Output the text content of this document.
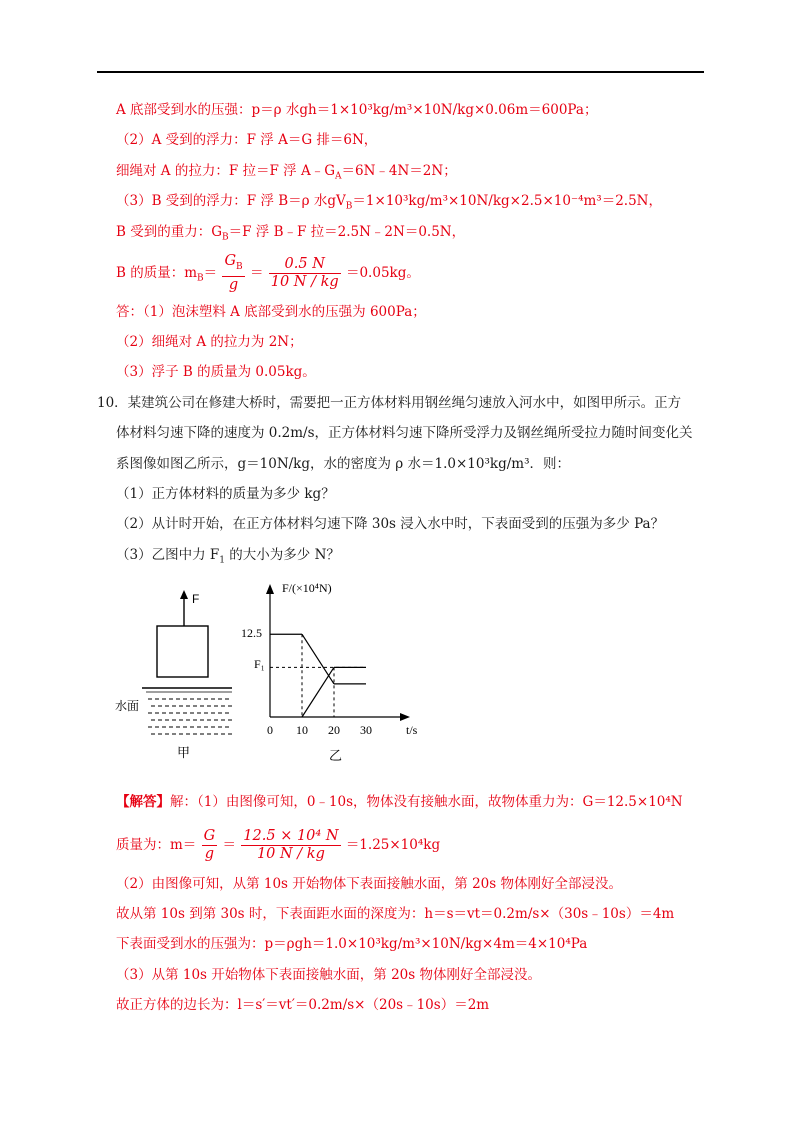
A 底部受到水的压强：p＝ρ 水gh＝1×10³kg/m³×10N/kg×0.06m＝600Pa；
（2）A 受到的浮力：F 浮 A＝G 排＝6N，
细绳对 A 的拉力：F 拉＝F 浮 $A﹣G_A=6N﹣4N=2N$；
（3）B 受到的浮力：F 浮 B＝ρ 水$gV_B=1\times 10^3kg/m^3\times 10N/kg\times 2.5\times 10^{-4}m^3=2.5N$，
B 受到的重力：$G_B=F$ 浮 B﹣F 拉＝2.5N﹣2N＝0.5N，
B 的质量：$m_B= \frac{G_B}{g} = \frac{0.5 N}{10 N / kg} =0.05kg$。
答：（1）泡沫塑料 A 底部受到水的压强为 600Pa；
（2）细绳对 A 的拉力为 2N；
（3）浮子 B 的质量为 0.05kg。
10．某建筑公司在修建大桥时，需要把一正方体材料用钢丝绳匀速放入河水中，如图甲所示。正方
体材料匀速下降的速度为 0.2m/s，正方体材料匀速下降所受浮力及钢丝绳所受拉力随时间变化关
系图像如图乙所示，g＝10N/kg，水的密度为 ρ 水＝1.0×10³kg/m³．则：
（1）正方体材料的质量为多少 kg？
（2）从计时开始，在正方体材料匀速下降 30s 浸入水中时，下表面受到的压强为多少 Pa？
（3）乙图中力 $F_1$ 的大小为多少 N？
F
水面
甲
F/(×10⁴N)
12.5
F₁
t/s
0 10 20 30
乙
【解答】解：（1）由图像可知，0﹣10s，物体没有接触水面，故物体重力为：G＝12.5×10⁴N
质量为：$m= \frac{G}{g} = \frac{\text{12.5 × 10⁴ N}}{10 N / kg} =1.25\times 10^4kg$
（2）由图像可知，从第 10s 开始物体下表面接触水面，第 20s 物体刚好全部浸没。
故从第 10s 到第 30s 时，下表面距水面的深度为：h＝s＝vt＝0.2m/s×（30s﹣10s）＝4m
下表面受到水的压强为：p＝ρgh＝1.0×10³kg/m³×10N/kg×4m＝4×10⁴Pa
（3）从第 10s 开始物体下表面接触水面，第 20s 物体刚好全部浸没。
故正方体的边长为：l＝s′＝vt′＝0.2m/s×（20s﹣10s）＝2m
